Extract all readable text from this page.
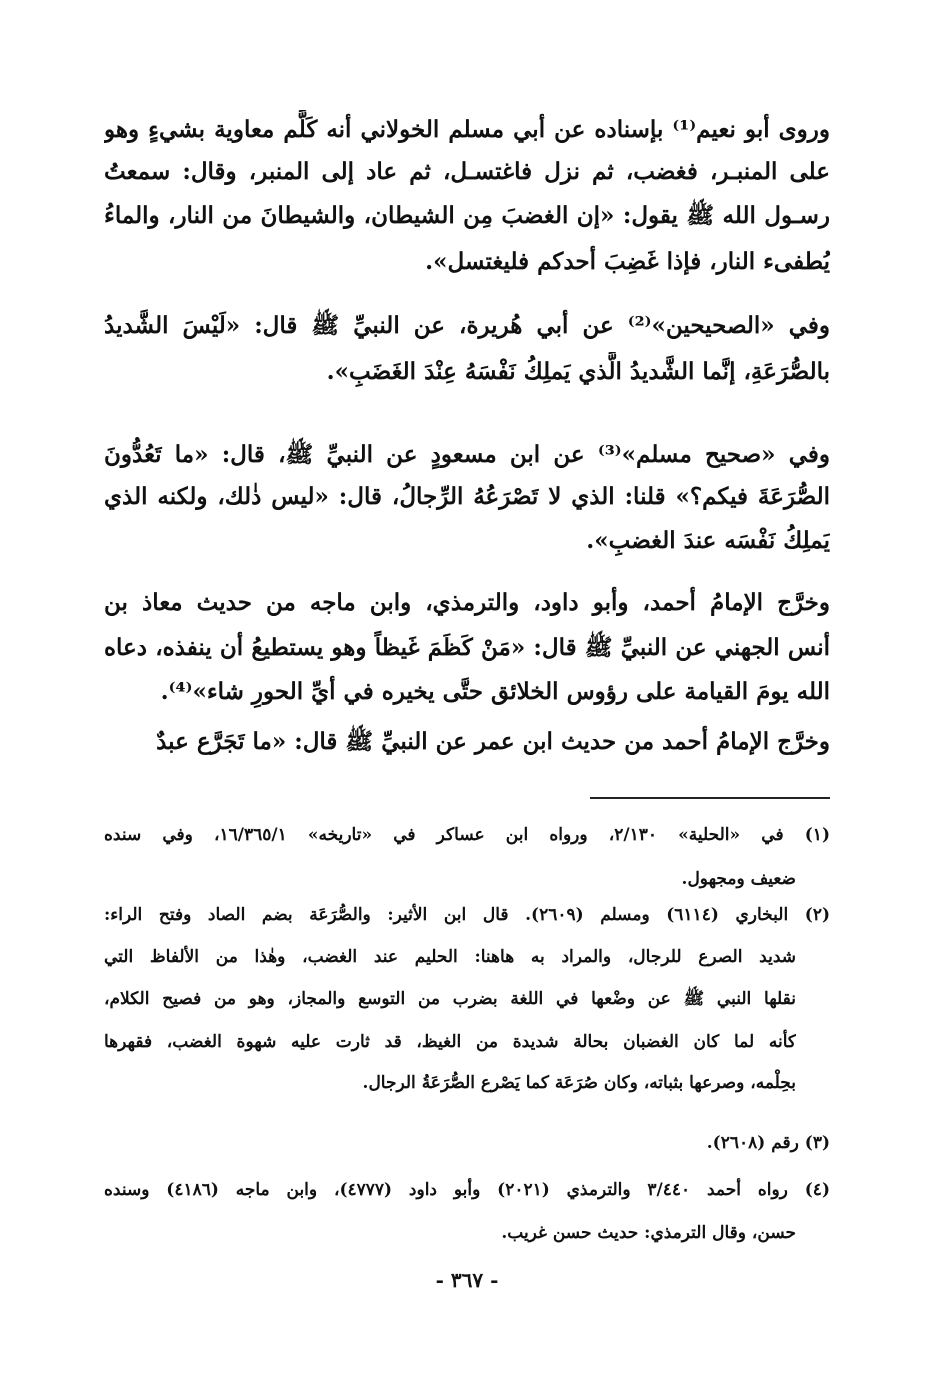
وروى أبو نعيم⁽¹⁾ بإسناده عن أبي مسلم الخولاني أنه كَلَّم معاوية بشيءٍ وهو
على المنبـر، فغضب، ثم نزل فاغتسـل، ثم عاد إلى المنبر، وقال: سمعتُ
رسـول الله ﷺ يقول: «إن الغضبَ مِن الشيطان، والشيطانَ من النار، والماءُ
يُطفىء النار، فإذا غَضِبَ أحدكم فليغتسل».
وفي «الصحيحين»⁽²⁾ عن أبي هُريرة، عن النبيِّ ﷺ قال: «لَيْسَ الشَّديدُ
بالصُّرَعَةِ، إنَّما الشَّديدُ الَّذي يَملِكُ نَفْسَهُ عِنْدَ الغَضَبِ».
وفي «صحيح مسلم»⁽³⁾ عن ابن مسعودٍ عن النبيِّ ﷺ، قال: «ما تَعُدُّونَ
الصُّرَعَةَ فيكم؟» قلنا: الذي لا تَصْرَعُهُ الرِّجالُ، قال: «ليس ذٰلك، ولكنه الذي
يَملِكُ نَفْسَه عندَ الغضبِ».
وخرَّج الإمامُ أحمد، وأبو داود، والترمذي، وابن ماجه من حديث معاذ بن
أنس الجهني عن النبيِّ ﷺ قال: «مَنْ كَظَمَ غَيظاً وهو يستطيعُ أن ينفذه، دعاه
الله يومَ القيامة على رؤوس الخلائق حتَّى يخيره في أيِّ الحورِ شاء»⁽⁴⁾.
وخرَّج الإمامُ أحمد من حديث ابن عمر عن النبيِّ ﷺ قال: «ما تَجَرَّع عبدٌ
(١) في «الحلية» ٢/١٣٠، ورواه ابن عساكر في «تاريخه» ١٦/٣٦٥/١، وفي سنده
ضعيف ومجهول.
(٢) البخاري (٦١١٤) ومسلم (٢٦٠٩). قال ابن الأثير: والصُّرَعَة بضم الصاد وفتح الراء:
شديد الصرع للرجال، والمراد به هاهنا: الحليم عند الغضب، وهٰذا من الألفاظ التي
نقلها النبي ﷺ عن وضْعها في اللغة بضرب من التوسع والمجاز، وهو من فصيح الكلام،
كأنه لما كان الغضبان بحالة شديدة من الغيظ، قد ثارت عليه شهوة الغضب، فقهرها
بحِلْمه، وصرعها بثباته، وكان صُرَعَة كما يَصْرع الصُّرَعَةُ الرجال.
(٣) رقم (٢٦٠٨).
(٤) رواه أحمد ٣/٤٤٠ والترمذي (٢٠٢١) وأبو داود (٤٧٧٧)، وابن ماجه (٤١٨٦) وسنده
حسن، وقال الترمذي: حديث حسن غريب.
- ٣٦٧ -
